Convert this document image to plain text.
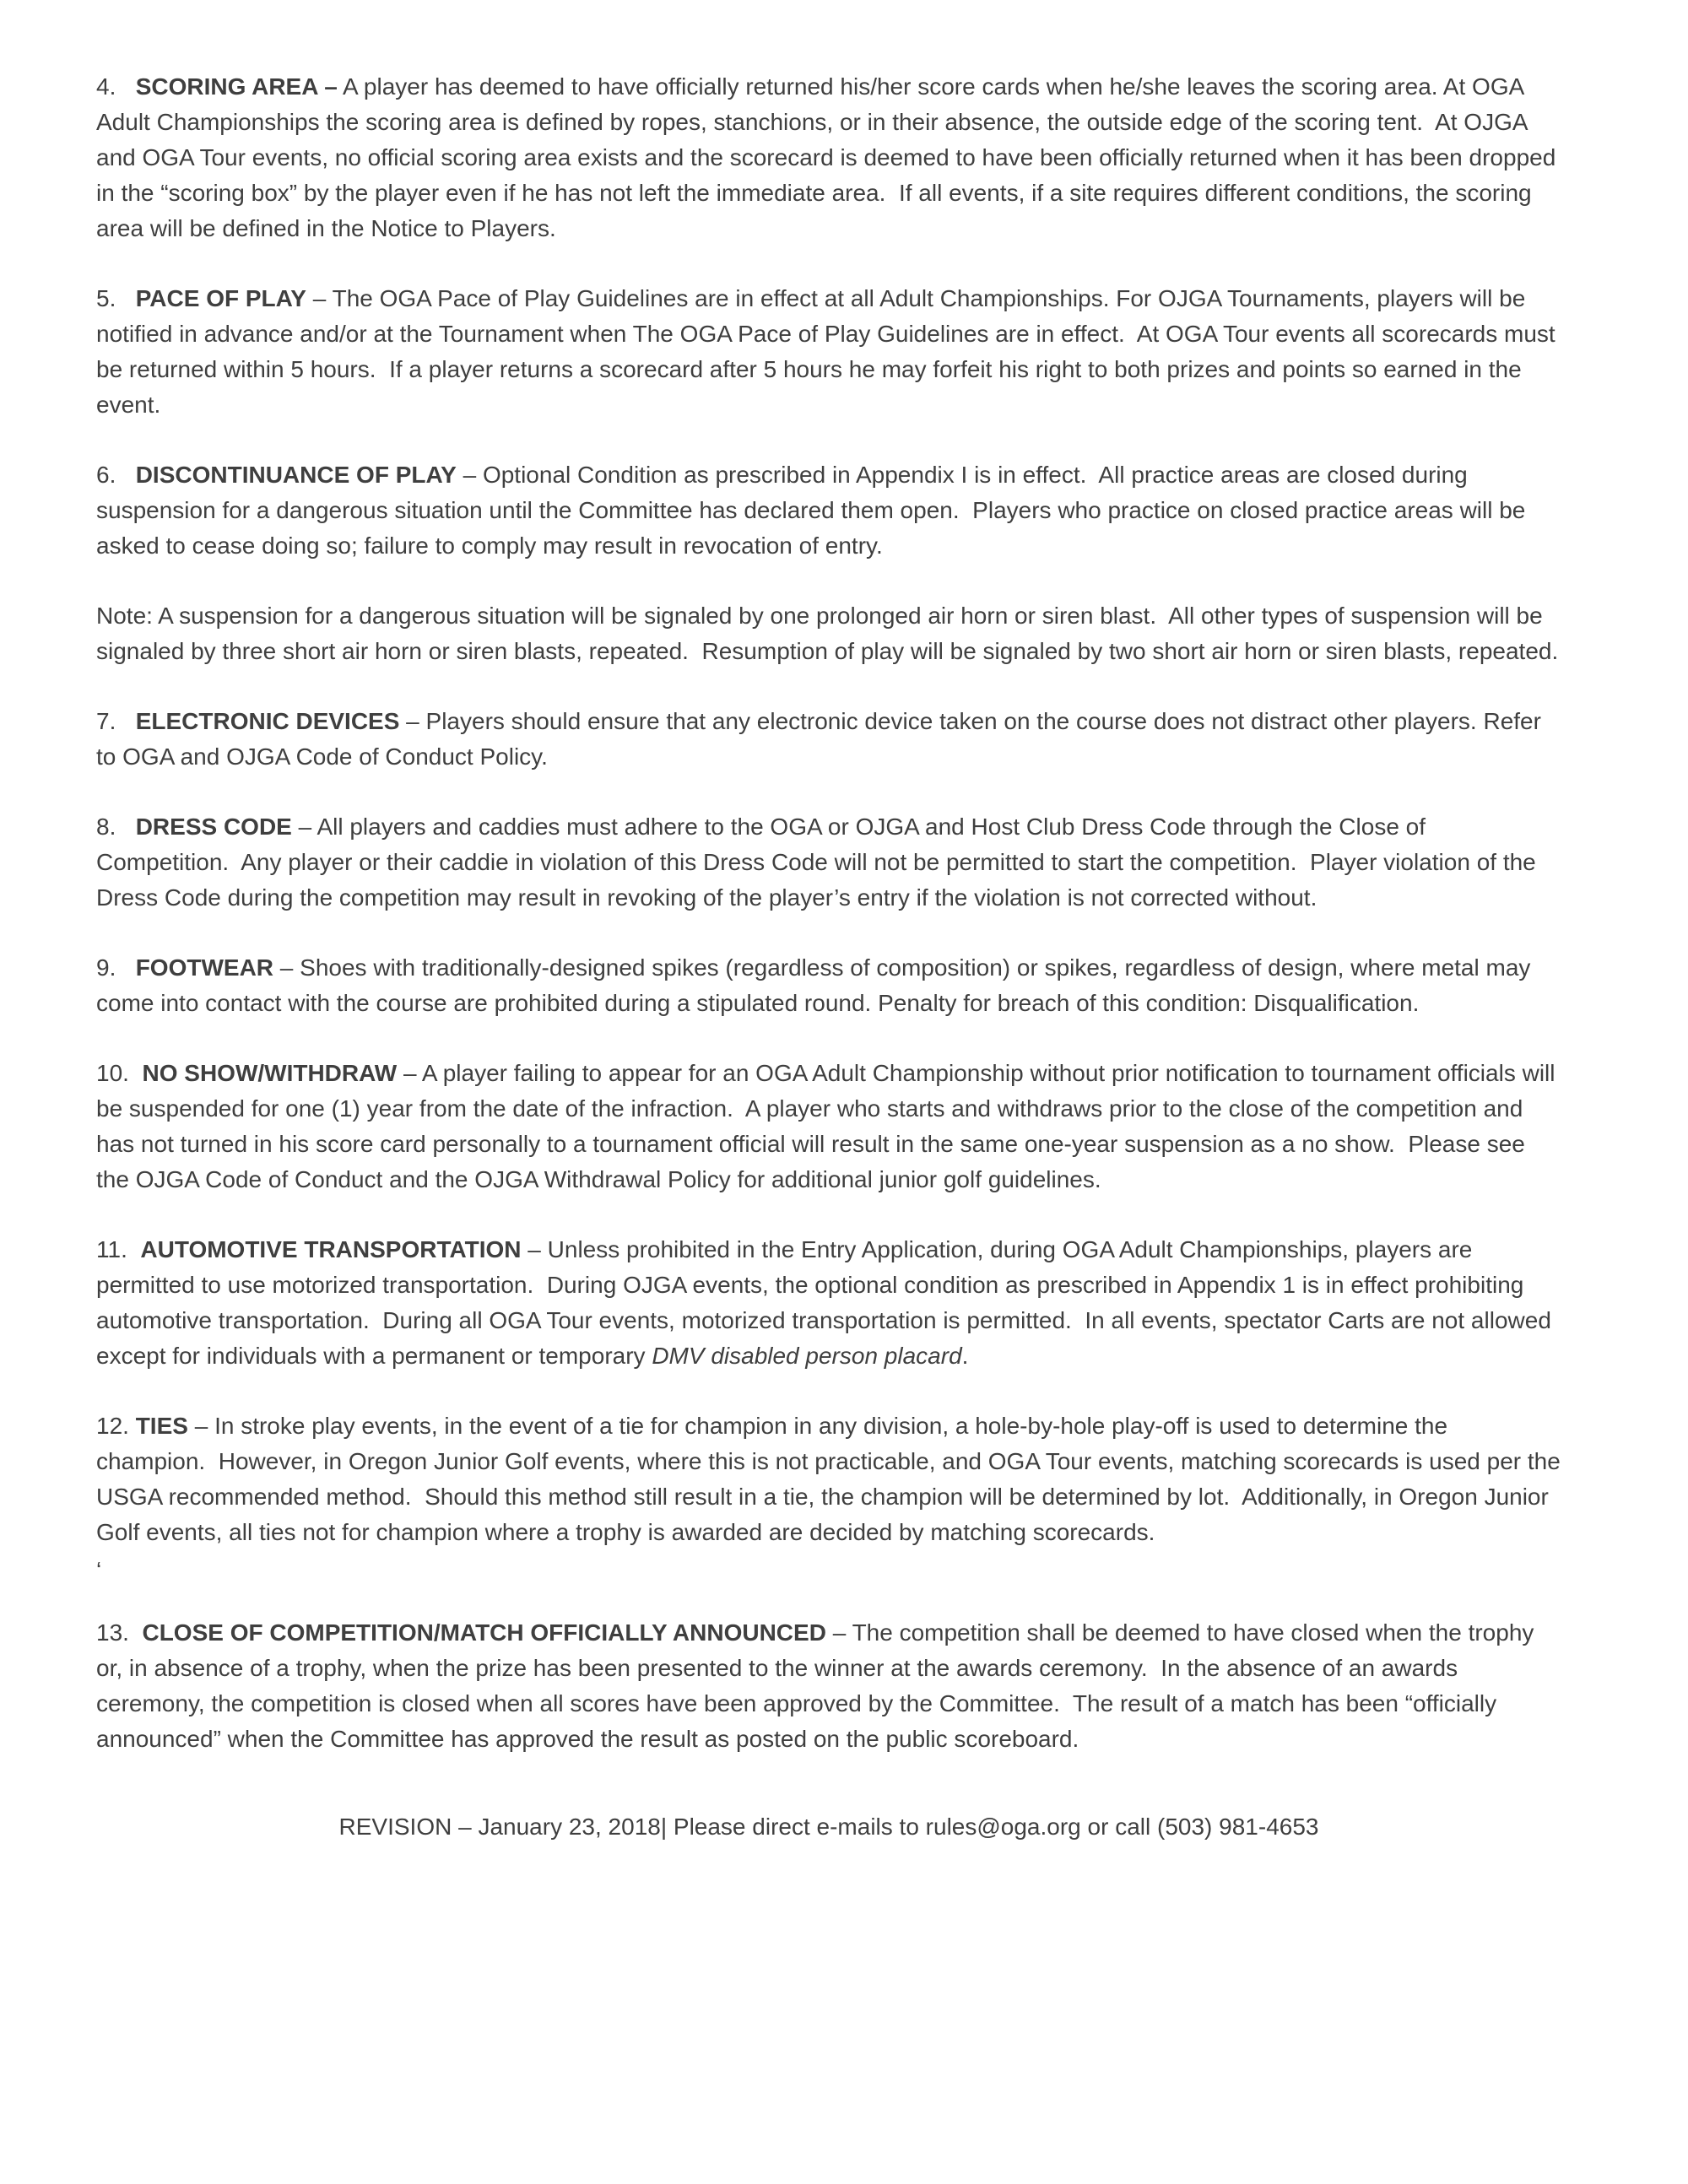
4.   SCORING AREA – A player has deemed to have officially returned his/her score cards when he/she leaves the scoring area. At OGA Adult Championships the scoring area is defined by ropes, stanchions, or in their absence, the outside edge of the scoring tent.  At OJGA and OGA Tour events, no official scoring area exists and the scorecard is deemed to have been officially returned when it has been dropped in the “scoring box” by the player even if he has not left the immediate area.  If all events, if a site requires different conditions, the scoring area will be defined in the Notice to Players.

5.   PACE OF PLAY – The OGA Pace of Play Guidelines are in effect at all Adult Championships. For OJGA Tournaments, players will be notified in advance and/or at the Tournament when The OGA Pace of Play Guidelines are in effect.  At OGA Tour events all scorecards must be returned within 5 hours.  If a player returns a scorecard after 5 hours he may forfeit his right to both prizes and points so earned in the event.

6.   DISCONTINUANCE OF PLAY – Optional Condition as prescribed in Appendix I is in effect.  All practice areas are closed during suspension for a dangerous situation until the Committee has declared them open.  Players who practice on closed practice areas will be asked to cease doing so; failure to comply may result in revocation of entry.

Note: A suspension for a dangerous situation will be signaled by one prolonged air horn or siren blast.  All other types of suspension will be signaled by three short air horn or siren blasts, repeated.  Resumption of play will be signaled by two short air horn or siren blasts, repeated.

7.   ELECTRONIC DEVICES – Players should ensure that any electronic device taken on the course does not distract other players. Refer to OGA and OJGA Code of Conduct Policy.

8.   DRESS CODE – All players and caddies must adhere to the OGA or OJGA and Host Club Dress Code through the Close of Competition.  Any player or their caddie in violation of this Dress Code will not be permitted to start the competition.  Player violation of the Dress Code during the competition may result in revoking of the player’s entry if the violation is not corrected without.

9.   FOOTWEAR – Shoes with traditionally-designed spikes (regardless of composition) or spikes, regardless of design, where metal may come into contact with the course are prohibited during a stipulated round. Penalty for breach of this condition: Disqualification.

10.  NO SHOW/WITHDRAW – A player failing to appear for an OGA Adult Championship without prior notification to tournament officials will be suspended for one (1) year from the date of the infraction.  A player who starts and withdraws prior to the close of the competition and has not turned in his score card personally to a tournament official will result in the same one-year suspension as a no show.  Please see the OJGA Code of Conduct and the OJGA Withdrawal Policy for additional junior golf guidelines.

11.  AUTOMOTIVE TRANSPORTATION – Unless prohibited in the Entry Application, during OGA Adult Championships, players are permitted to use motorized transportation.  During OJGA events, the optional condition as prescribed in Appendix 1 is in effect prohibiting automotive transportation.  During all OGA Tour events, motorized transportation is permitted.  In all events, spectator Carts are not allowed except for individuals with a permanent or temporary DMV disabled person placard.

12. TIES – In stroke play events, in the event of a tie for champion in any division, a hole-by-hole play-off is used to determine the champion.  However, in Oregon Junior Golf events, where this is not practicable, and OGA Tour events, matching scorecards is used per the USGA recommended method.  Should this method still result in a tie, the champion will be determined by lot.  Additionally, in Oregon Junior Golf events, all ties not for champion where a trophy is awarded are decided by matching scorecards.

‘

13.  CLOSE OF COMPETITION/MATCH OFFICIALLY ANNOUNCED – The competition shall be deemed to have closed when the trophy or, in absence of a trophy, when the prize has been presented to the winner at the awards ceremony.  In the absence of an awards ceremony, the competition is closed when all scores have been approved by the Committee.  The result of a match has been “officially announced” when the Committee has approved the result as posted on the public scoreboard.

REVISION – January 23, 2018| Please direct e-mails to rules@oga.org or call (503) 981-4653
